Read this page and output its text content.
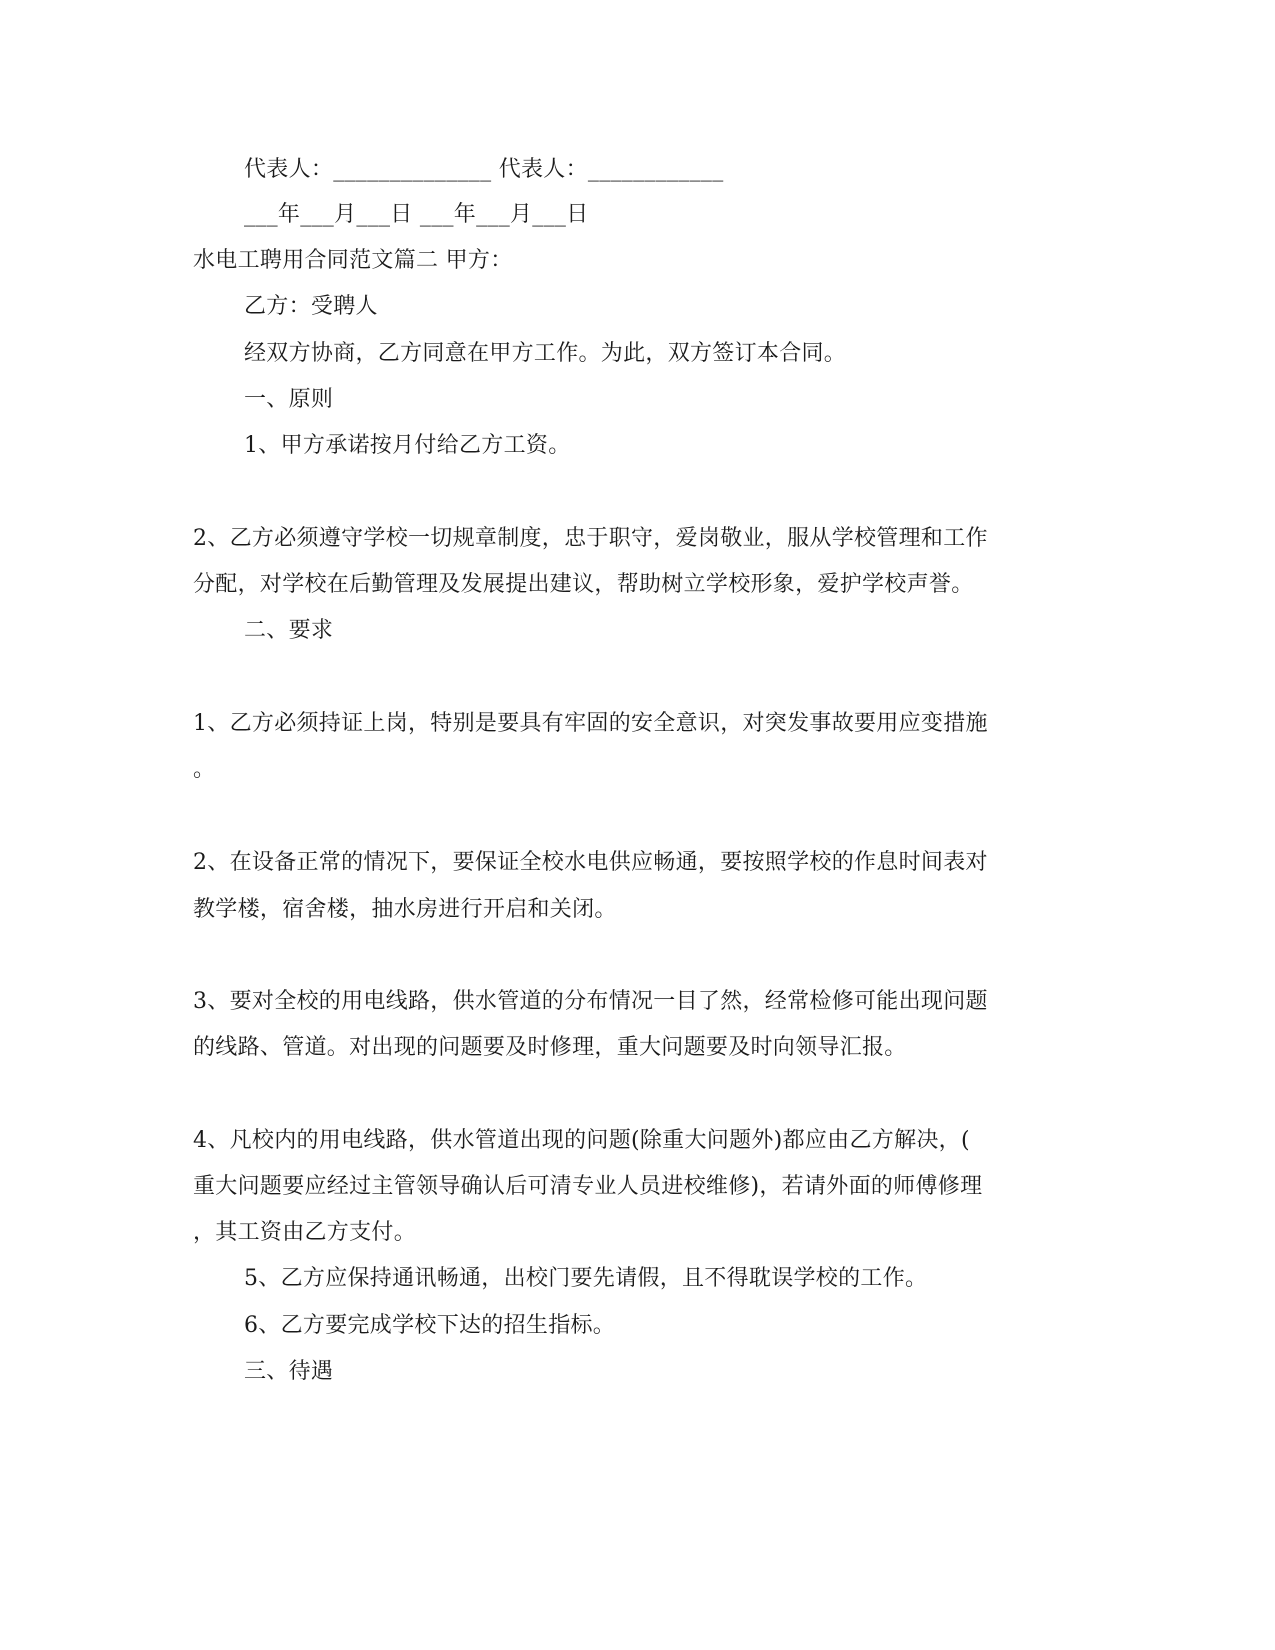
代表人：______________ 代表人：____________

___年___月___日 ___年___月___日

水电工聘用合同范文篇二 甲方：

乙方：受聘人

经双方协商，乙方同意在甲方工作。为此，双方签订本合同。

一、原则

1、甲方承诺按月付给乙方工资。

2、乙方必须遵守学校一切规章制度，忠于职守，爱岗敬业，服从学校管理和工作

分配，对学校在后勤管理及发展提出建议，帮助树立学校形象，爱护学校声誉。

二、要求

1、乙方必须持证上岗，特别是要具有牢固的安全意识，对突发事故要用应变措施

。

2、在设备正常的情况下，要保证全校水电供应畅通，要按照学校的作息时间表对

教学楼，宿舍楼，抽水房进行开启和关闭。

3、要对全校的用电线路，供水管道的分布情况一目了然，经常检修可能出现问题

的线路、管道。对出现的问题要及时修理，重大问题要及时向领导汇报。

4、凡校内的用电线路，供水管道出现的问题(除重大问题外)都应由乙方解决，(

重大问题要应经过主管领导确认后可清专业人员进校维修)，若请外面的师傅修理

，其工资由乙方支付。

5、乙方应保持通讯畅通，出校门要先请假，且不得耽误学校的工作。

6、乙方要完成学校下达的招生指标。

三、待遇
